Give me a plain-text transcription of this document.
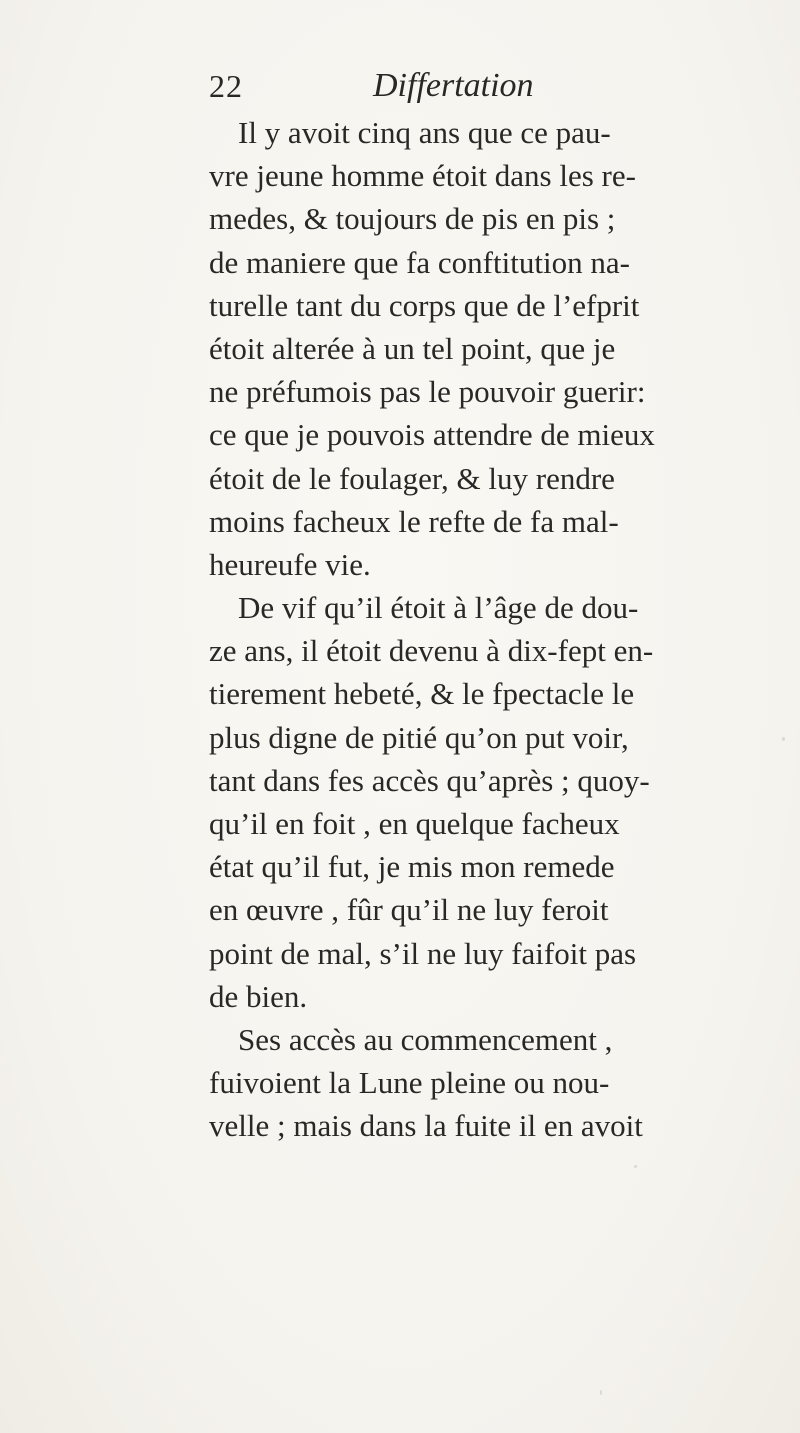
22	Differtation
Il y avoit cinq ans que ce pau-
vre jeune homme étoit dans les re-
medes, & toujours de pis en pis ;
de maniere que fa conftitution na-
turelle tant du corps que de l’efprit
étoit alterée à un tel point, que je
ne préfumois pas le pouvoir guerir:
ce que je pouvois attendre de mieux
étoit de le foulager, & luy rendre
moins facheux le refte de fa mal-
heureufe vie.
De vif qu’il étoit à l’âge de dou-
ze ans, il étoit devenu à dix-fept en-
tierement hebeté, & le fpectacle le
plus digne de pitié qu’on put voir,
tant dans fes accès qu’après ; quoy-
qu’il en foit , en quelque facheux
état qu’il fut, je mis mon remede
en œuvre , fûr qu’il ne luy feroit
point de mal, s’il ne luy faifoit pas
de bien.
Ses accès au commencement ,
fuivoient la Lune pleine ou nou-
velle ; mais dans la fuite il en avoit
